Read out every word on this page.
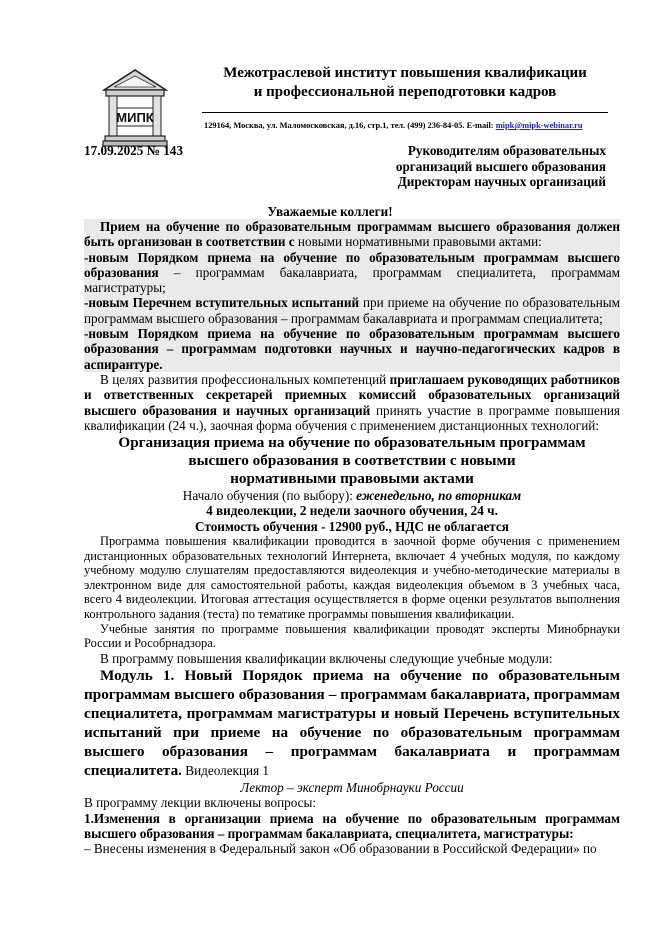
МИПК
Межотраслевой институт повышения квалификации
и профессиональной переподготовки кадров
129164, Москва, ул. Маломосковская, д.16, стр.1, тел. (499) 236-84-05. E-mail: mipk@mipk-webinar.ru
17.09.2025 № 143	Руководителям образовательных
организаций высшего образования
Директорам научных организаций
Уважаемые коллеги!

Прием на обучение по образовательным программам высшего образования должен быть организован в соответствии с новыми нормативными правовыми актами:

-новым Порядком приема на обучение по образовательным программам высшего образования – программам бакалавриата, программам специалитета, программам магистратуры;

-новым Перечнем вступительных испытаний при приеме на обучение по образовательным программам высшего образования – программам бакалавриата и программам специалитета;

-новым Порядком приема на обучение по образовательным программам высшего образования – программам подготовки научных и научно-педагогических кадров в аспирантуре.

В целях развития профессиональных компетенций приглашаем руководящих работников и ответственных секретарей приемных комиссий образовательных организаций высшего образования и научных организаций принять участие в программе повышения квалификации (24 ч.), заочная форма обучения с применением дистанционных технологий:

Организация приема на обучение по образовательным программам
высшего образования в соответствии с новыми
нормативными правовыми актами

Начало обучения (по выбору): еженедельно, по вторникам

4 видеолекции, 2 недели заочного обучения, 24 ч.

Стоимость обучения - 12900 руб., НДС не облагается

Программа повышения квалификации проводится в заочной форме обучения с применением дистанционных образовательных технологий Интернета, включает 4 учебных модуля, по каждому учебному модулю слушателям предоставляются видеолекция и учебно-методические материалы в электронном виде для самостоятельной работы, каждая видеолекция объемом в 3 учебных часа, всего 4 видеолекции. Итоговая аттестация осуществляется в форме оценки результатов выполнения контрольного задания (теста) по тематике программы повышения квалификации.

Учебные занятия по программе повышения квалификации проводят эксперты Минобрнауки России и Рособрнадзора.

В программу повышения квалификации включены следующие учебные модули:

Модуль 1. Новый Порядок приема на обучение по образовательным программам высшего образования – программам бакалавриата, программам специалитета, программам магистратуры и новый Перечень вступительных испытаний при приеме на обучение по образовательным программам высшего образования – программам бакалавриата и программам специалитета. Видеолекция 1

Лектор – эксперт Минобрнауки России

В программу лекции включены вопросы:

1.Изменения в организации приема на обучение по образовательным программам высшего образования – программам бакалавриата, специалитета, магистратуры:

– Внесены изменения в Федеральный закон «Об образовании в Российской Федерации» по
